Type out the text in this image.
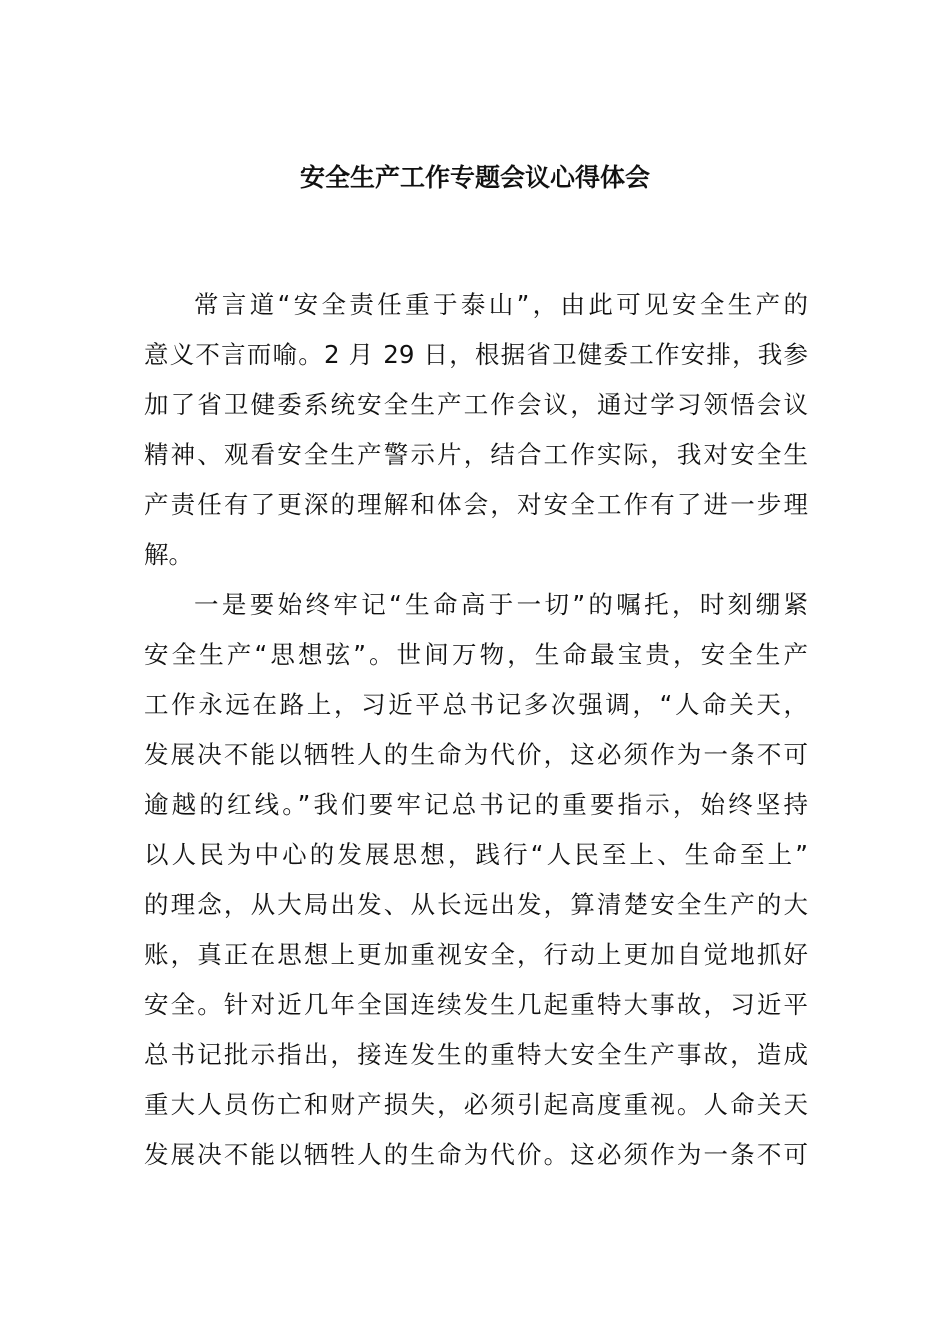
安全生产工作专题会议心得体会
常言道“安全责任重于泰山”，由此可见安全生产的
意义不言而喻。2 月 29 日，根据省卫健委工作安排，我参
加了省卫健委系统安全生产工作会议，通过学习领悟会议
精神、观看安全生产警示片，结合工作实际，我对安全生
产责任有了更深的理解和体会，对安全工作有了进一步理
解。
一是要始终牢记“生命高于一切”的嘱托，时刻绷紧
安全生产“思想弦”。世间万物，生命最宝贵，安全生产
工作永远在路上，习近平总书记多次强调，“人命关天，
发展决不能以牺牲人的生命为代价，这必须作为一条不可
逾越的红线。”我们要牢记总书记的重要指示，始终坚持
以人民为中心的发展思想，践行“人民至上、生命至上”
的理念，从大局出发、从长远出发，算清楚安全生产的大
账，真正在思想上更加重视安全，行动上更加自觉地抓好
安全。针对近几年全国连续发生几起重特大事故，习近平
总书记批示指出，接连发生的重特大安全生产事故，造成
重大人员伤亡和财产损失，必须引起高度重视。人命关天
发展决不能以牺牲人的生命为代价。这必须作为一条不可
